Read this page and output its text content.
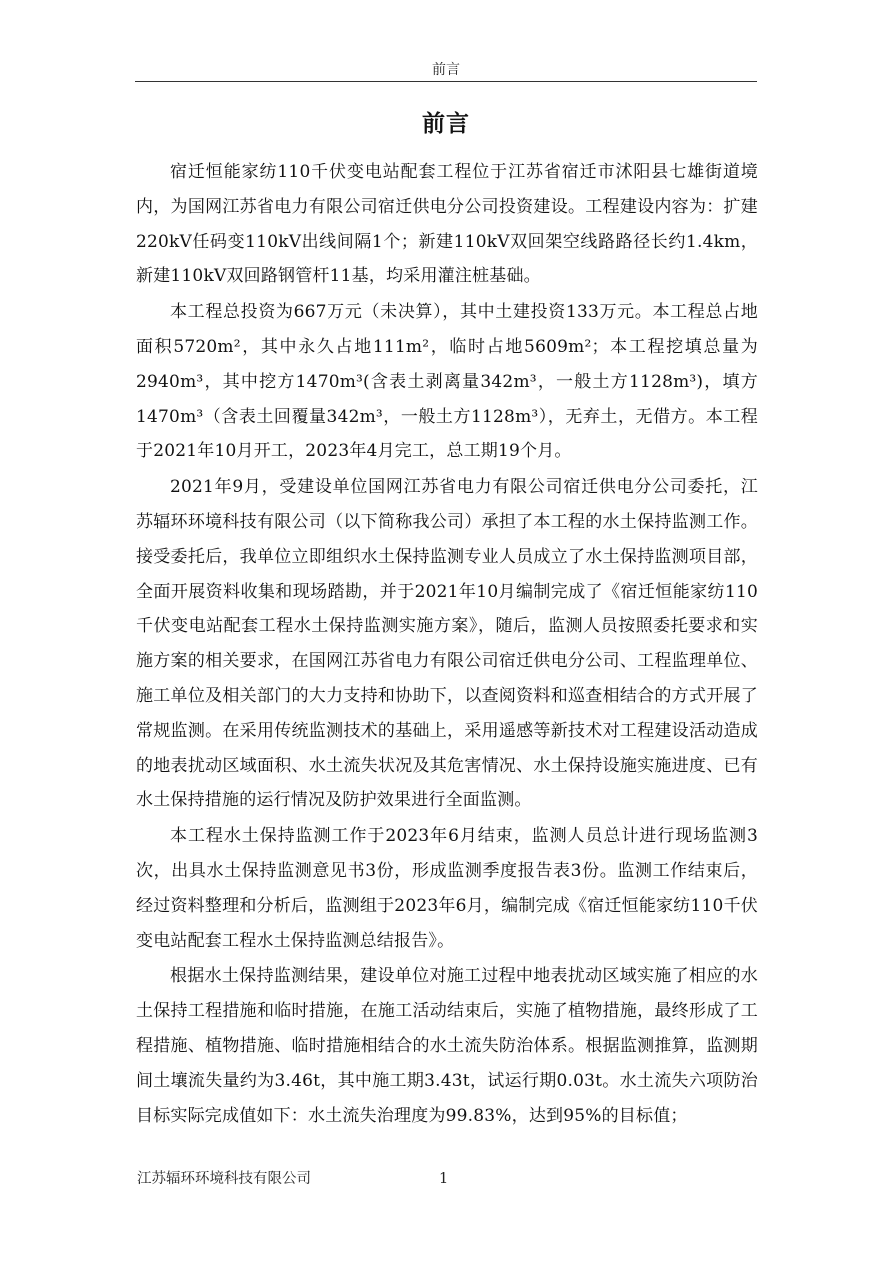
前言
前言

宿迁恒能家纺110千伏变电站配套工程位于江苏省宿迁市沭阳县七雄街道境内，为国网江苏省电力有限公司宿迁供电分公司投资建设。工程建设内容为：扩建220kV任码变110kV出线间隔1个；新建110kV双回架空线路路径长约1.4km，新建110kV双回路钢管杆11基，均采用灌注桩基础。

本工程总投资为667万元（未决算），其中土建投资133万元。本工程总占地面积5720m²，其中永久占地111m²，临时占地5609m²；本工程挖填总量为2940m³，其中挖方1470m³(含表土剥离量342m³，一般土方1128m³)，填方1470m³（含表土回覆量342m³，一般土方1128m³），无弃土，无借方。本工程于2021年10月开工，2023年4月完工，总工期19个月。

2021年9月，受建设单位国网江苏省电力有限公司宿迁供电分公司委托，江苏辐环环境科技有限公司（以下简称我公司）承担了本工程的水土保持监测工作。接受委托后，我单位立即组织水土保持监测专业人员成立了水土保持监测项目部，全面开展资料收集和现场踏勘，并于2021年10月编制完成了《宿迁恒能家纺110千伏变电站配套工程水土保持监测实施方案》，随后，监测人员按照委托要求和实施方案的相关要求，在国网江苏省电力有限公司宿迁供电分公司、工程监理单位、施工单位及相关部门的大力支持和协助下，以查阅资料和巡查相结合的方式开展了常规监测。在采用传统监测技术的基础上，采用遥感等新技术对工程建设活动造成的地表扰动区域面积、水土流失状况及其危害情况、水土保持设施实施进度、已有水土保持措施的运行情况及防护效果进行全面监测。

本工程水土保持监测工作于2023年6月结束，监测人员总计进行现场监测3次，出具水土保持监测意见书3份，形成监测季度报告表3份。监测工作结束后，经过资料整理和分析后，监测组于2023年6月，编制完成《宿迁恒能家纺110千伏变电站配套工程水土保持监测总结报告》。

根据水土保持监测结果，建设单位对施工过程中地表扰动区域实施了相应的水土保持工程措施和临时措施，在施工活动结束后，实施了植物措施，最终形成了工程措施、植物措施、临时措施相结合的水土流失防治体系。根据监测推算，监测期间土壤流失量约为3.46t，其中施工期3.43t，试运行期0.03t。水土流失六项防治目标实际完成值如下：水土流失治理度为99.83%，达到95%的目标值；

江苏辐环环境科技有限公司	1
